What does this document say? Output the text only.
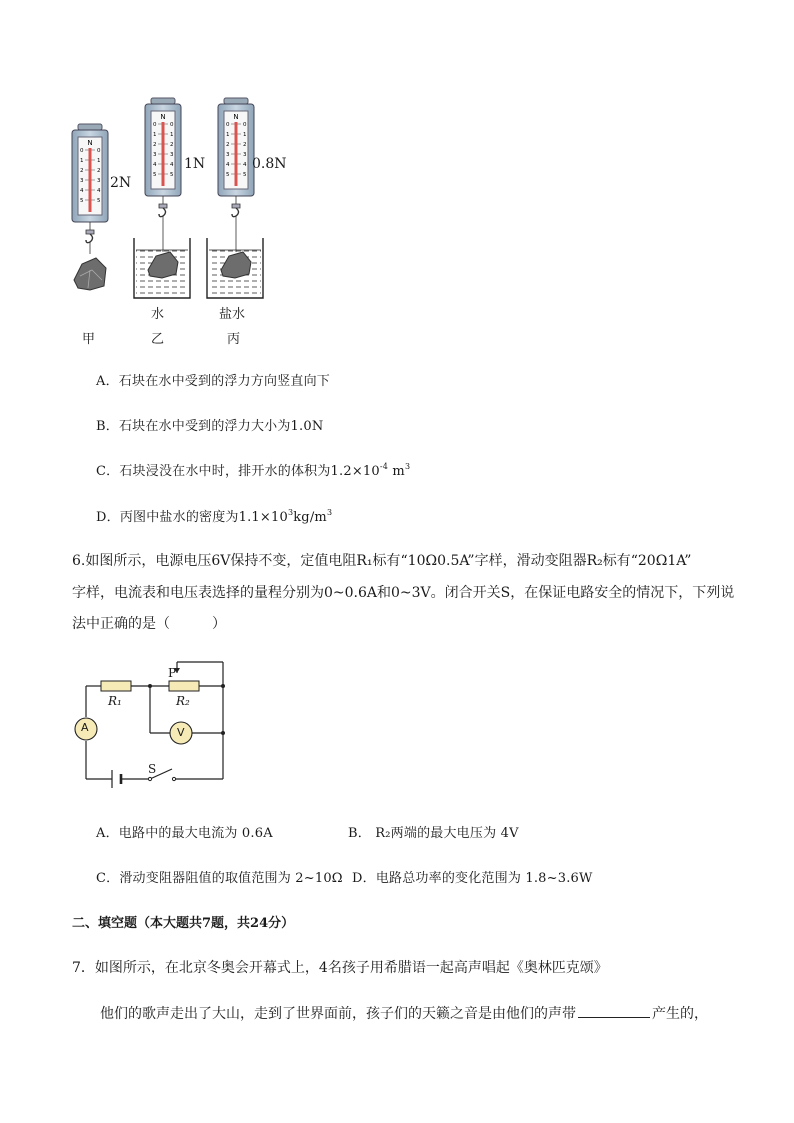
N
0
1
2
3
4
5
0
1
2
3
4
5
N
0
1
2
3
4
5
0
1
2
3
4
5
N
0
1
2
3
4
5
0
1
2
3
4
5
2N
1N	0.8N
水	盐水
甲	乙	丙
A．石块在水中受到的浮力方向竖直向下
B．石块在水中受到的浮力大小为1.0N
C．石块浸没在水中时，排开水的体积为$1.2\times 10^{-4}$ $m^3$
D．丙图中盐水的密度为$1.1\times 10^3kg/m^3$
6.如图所示，电源电压6V保持不变，定值电阻R₁标有“10Ω0.5A”字样，滑动变阻器R₂标有“20Ω1A”
字样，电流表和电压表选择的量程分别为0~0.6A和0~3V。闭合开关S，在保证电路安全的情况下，下列说
法中正确的是（　　　）
A	V
R₁	R₂
P
S
A．电路中的最大电流为 0.6A	B． R₂两端的最大电压为 4V
C．滑动变阻器阻值的取值范围为 2~10Ω D．电路总功率的变化范围为 1.8~3.6W
二、填空题（本大题共7题，共24分）
7．如图所示，在北京冬奥会开幕式上，4名孩子用希腊语一起高声唱起《奥林匹克颂》
他们的歌声走出了大山，走到了世界面前，孩子们的天籁之音是由他们的声带	产生的，
